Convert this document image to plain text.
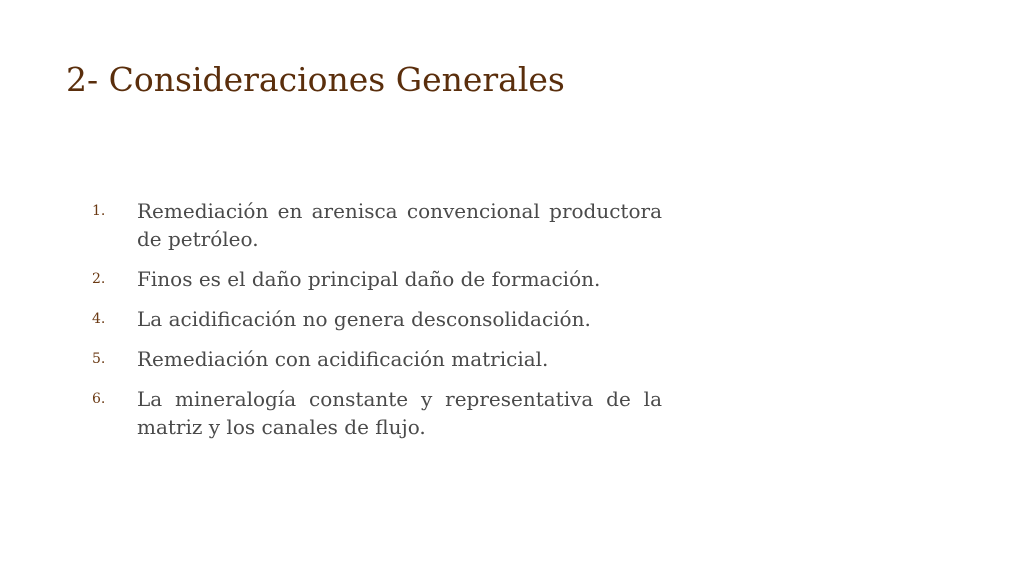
2- Consideraciones Generales
1.	Remediación en arenisca convencional productora de petróleo.
2.	Finos es el daño principal daño de formación.
4.	La acidificación no genera desconsolidación.
5.	Remediación con acidificación matricial.
6.	La mineralogía constante y representativa de la matriz y los canales de flujo.
